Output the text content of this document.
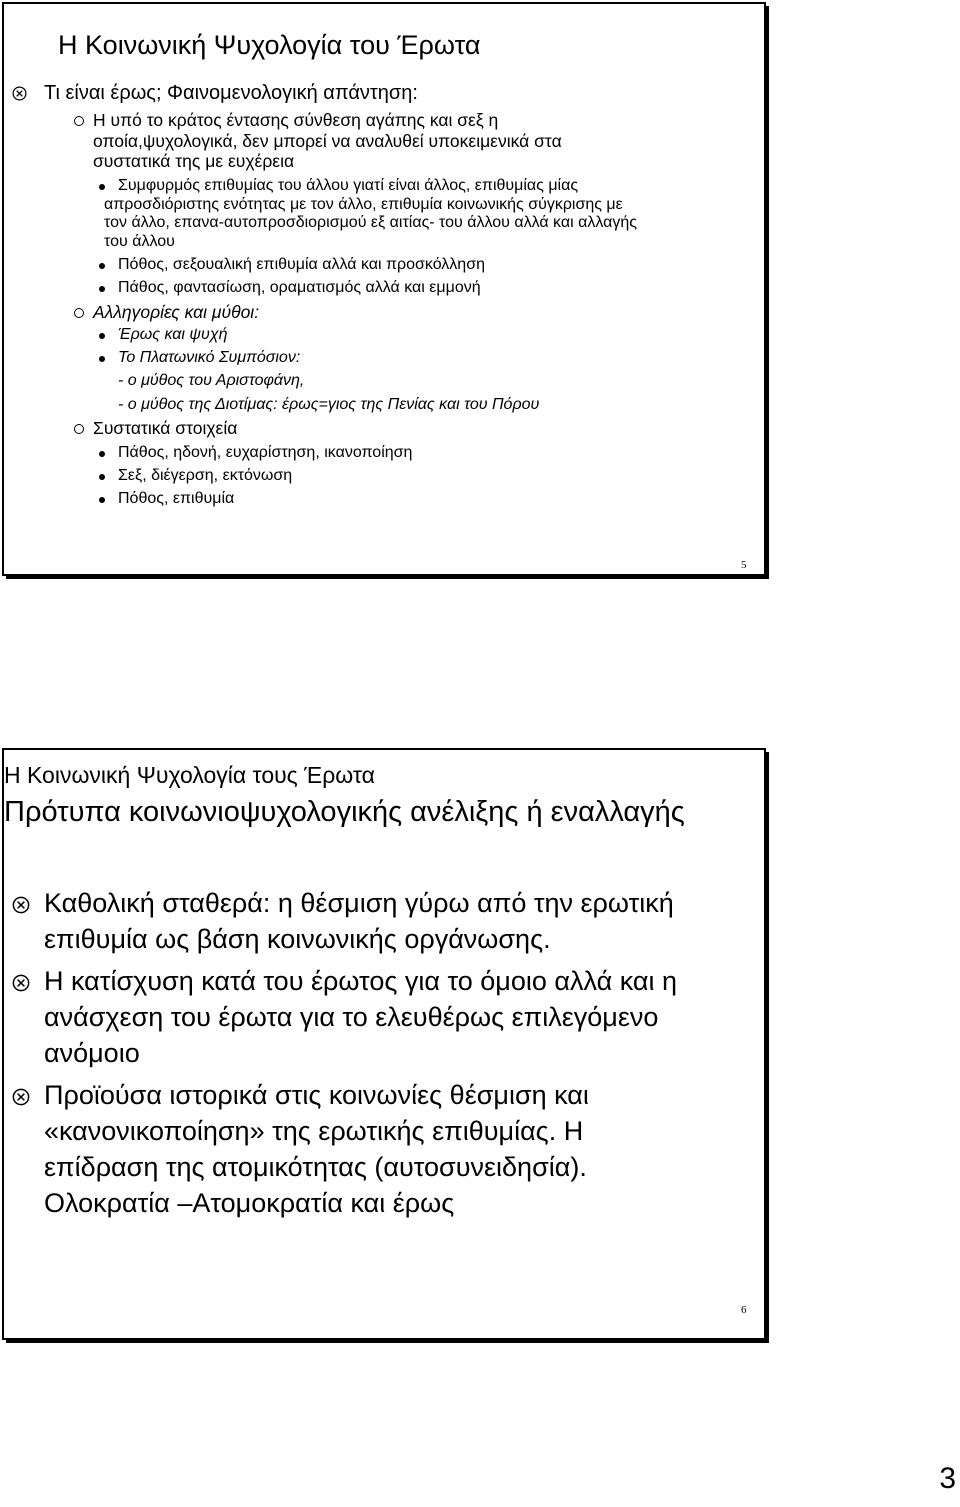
Η Κοινωνική Ψυχολογία του Έρωτα
Τι είναι έρως; Φαινομενολογική απάντηση:
Η υπό το κράτος έντασης σύνθεση αγάπης και σεξ η
οποία,ψυχολογικά, δεν μπορεί να αναλυθεί υποκειμενικά στα
συστατικά της με ευχέρεια
Συμφυρμός επιθυμίας του άλλου γιατί είναι άλλος, επιθυμίας μίας
απροσδιόριστης ενότητας με τον άλλο, επιθυμία κοινωνικής σύγκρισης με
τον άλλο, επανα-αυτοπροσδιορισμού εξ αιτίας- του άλλου αλλά και αλλαγής
του άλλου
Πόθος, σεξουαλική επιθυμία αλλά και προσκόλληση
Πάθος, φαντασίωση, οραματισμός αλλά και εμμονή
Αλληγορίες και μύθοι:
Έρως και ψυχή
Το Πλατωνικό Συμπόσιον:
- ο μύθος του Αριστοφάνη,
- ο μύθος της Διοτίμας: έρως=γιος της Πενίας και του Πόρου
Συστατικά στοιχεία
Πάθος, ηδονή, ευχαρίστηση, ικανοποίηση
Σεξ, διέγερση, εκτόνωση
Πόθος, επιθυμία
5
Η Κοινωνική Ψυχολογία τους Έρωτα
Πρότυπα κοινωνιοψυχολογικής ανέλιξης ή εναλλαγής
Καθολική σταθερά: η θέσμιση γύρω από την ερωτική
επιθυμία ως βάση κοινωνικής οργάνωσης.
Η κατίσχυση κατά του έρωτος για το όμοιο αλλά και η
ανάσχεση του έρωτα για το ελευθέρως επιλεγόμενο
ανόμοιο
Προϊούσα ιστορικά στις κοινωνίες θέσμιση και
«κανονικοποίηση» της ερωτικής επιθυμίας. Η
επίδραση της ατομικότητας (αυτοσυνειδησία).
Ολοκρατία –Ατομοκρατία και έρως
6
3
